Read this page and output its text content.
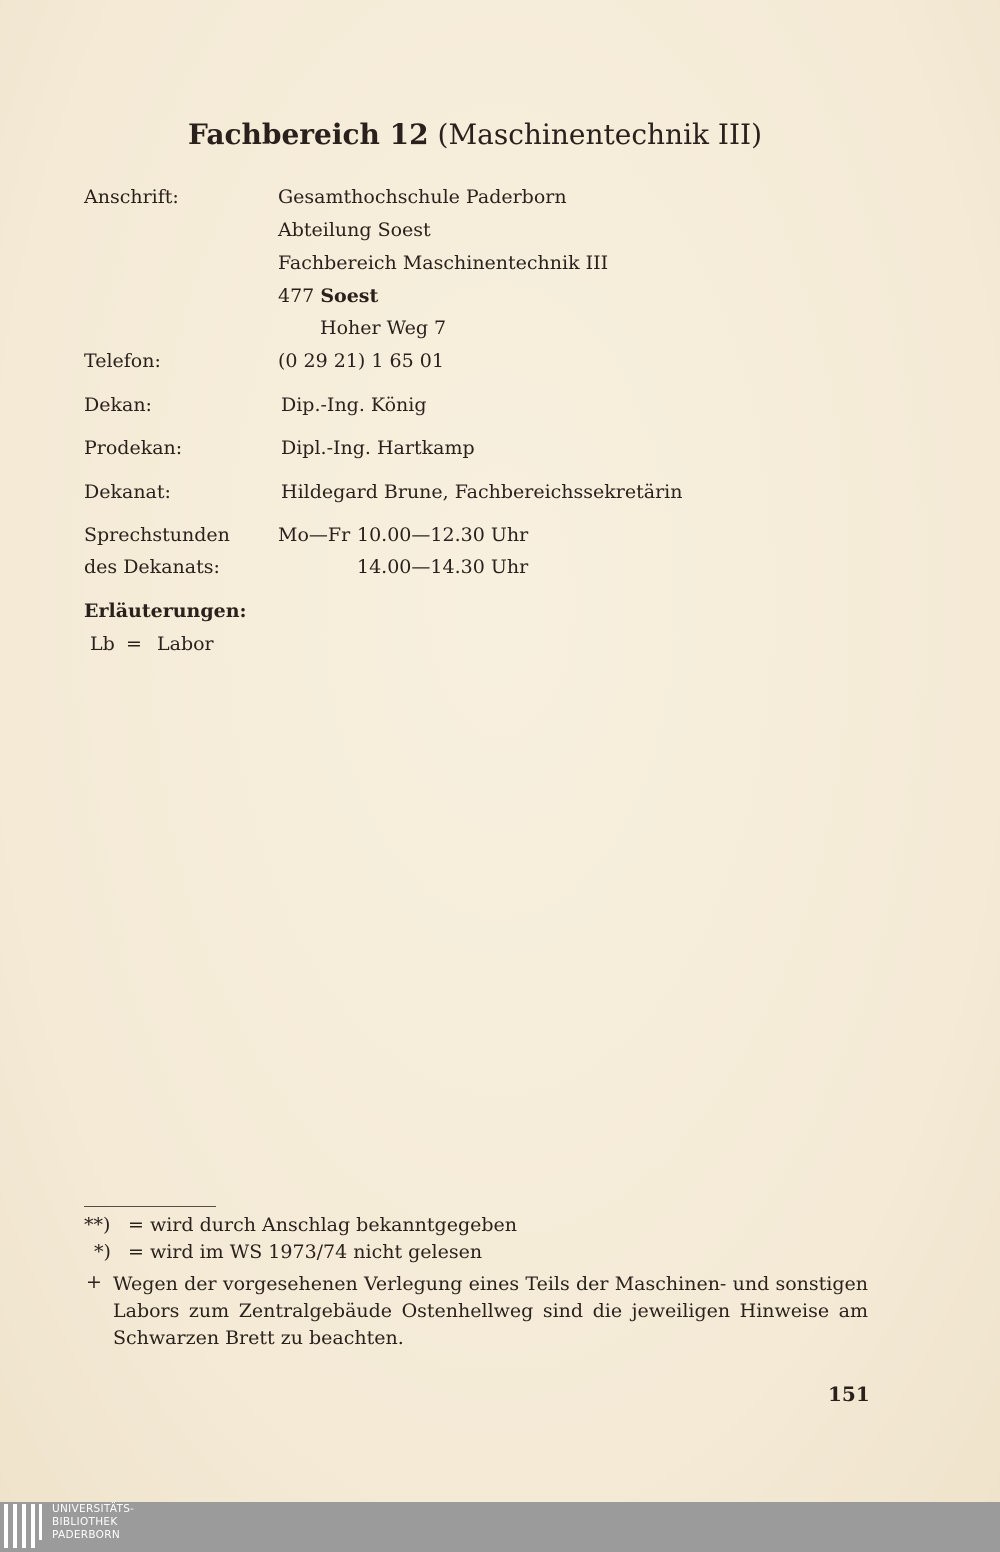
Fachbereich 12 (Maschinentechnik III)
Anschrift:	Gesamthochschule Paderborn
Abteilung Soest
Fachbereich Maschinentechnik III
477 Soest
Hoher Weg 7
Telefon:	(0 29 21) 1 65 01
Dekan:	Dip.-Ing. König
Prodekan:	Dipl.-Ing. Hartkamp
Dekanat:	Hildegard Brune, Fachbereichssekretärin
Sprechstunden	Mo—Fr 10.00—12.30 Uhr
des Dekanats:	14.00—14.30 Uhr
Erläuterungen:
Lb = Labor
**) = wird durch Anschlag bekanntgegeben
*) = wird im WS 1973/74 nicht gelesen
+ Wegen der vorgesehenen Verlegung eines Teils der Maschinen- und sonstigen Labors zum Zentralgebäude Ostenhellweg sind die jeweiligen Hinweise am Schwarzen Brett zu beachten.
151
UNIVERSITÄTS-
BIBLIOTHEK
PADERBORN
